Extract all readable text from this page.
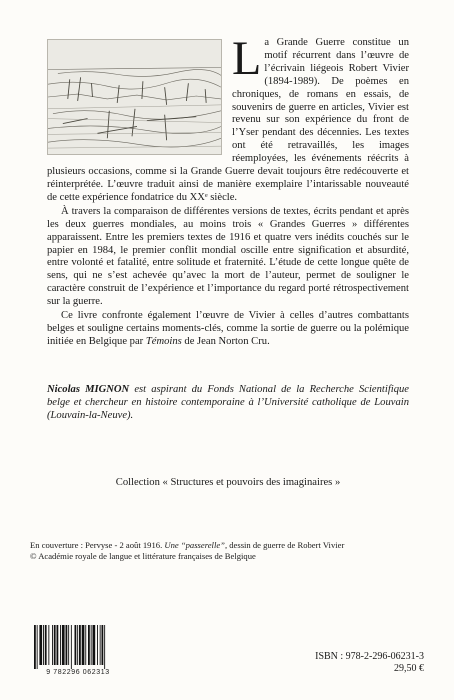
L a Grande Guerre constitue un motif récurrent dans l’œuvre de l’écrivain liégeois Robert Vivier (1894-1989). De poèmes en chroniques, de romans en essais, de souvenirs de guerre en articles, Vivier est revenu sur son expérience du front de l’Yser pendant des décennies. Les textes ont été retravaillés, les images réemployées, les événements réécrits à plusieurs occasions, comme si la Grande Guerre devait toujours être redécouverte et réinterprétée. L’œuvre traduit ainsi de manière exemplaire l’intarissable nouveauté de cette expérience fondatrice du XXᵉ siècle.

À travers la comparaison de différentes versions de textes, écrits pendant et après les deux guerres mondiales, au moins trois « Grandes Guerres » différentes apparaissent. Entre les premiers textes de 1916 et quatre vers inédits couchés sur le papier en 1984, le premier conflit mondial oscille entre signification et absurdité, entre volonté et fatalité, entre solitude et fraternité. L’étude de cette longue quête de sens, qui ne s’est achevée qu’avec la mort de l’auteur, permet de souligner le caractère construit de l’expérience et l’importance du regard porté rétrospectivement sur la guerre.

Ce livre confronte également l’œuvre de Vivier à celles d’autres combattants belges et souligne certains moments-clés, comme la sortie de guerre ou la polémique initiée en Belgique par Témoins de Jean Norton Cru.

Nicolas MIGNON est aspirant du Fonds National de la Recherche Scientifique belge et chercheur en histoire contemporaine à l’Université catholique de Louvain (Louvain-la-Neuve).
Collection « Structures et pouvoirs des imaginaires »
En couverture : Pervyse - 2 août 1916. Une “passerelle”, dessin de guerre de Robert Vivier
© Académie royale de langue et littérature françaises de Belgique
9 782296 062313
ISBN : 978-2-296-06231-3
29,50 €
